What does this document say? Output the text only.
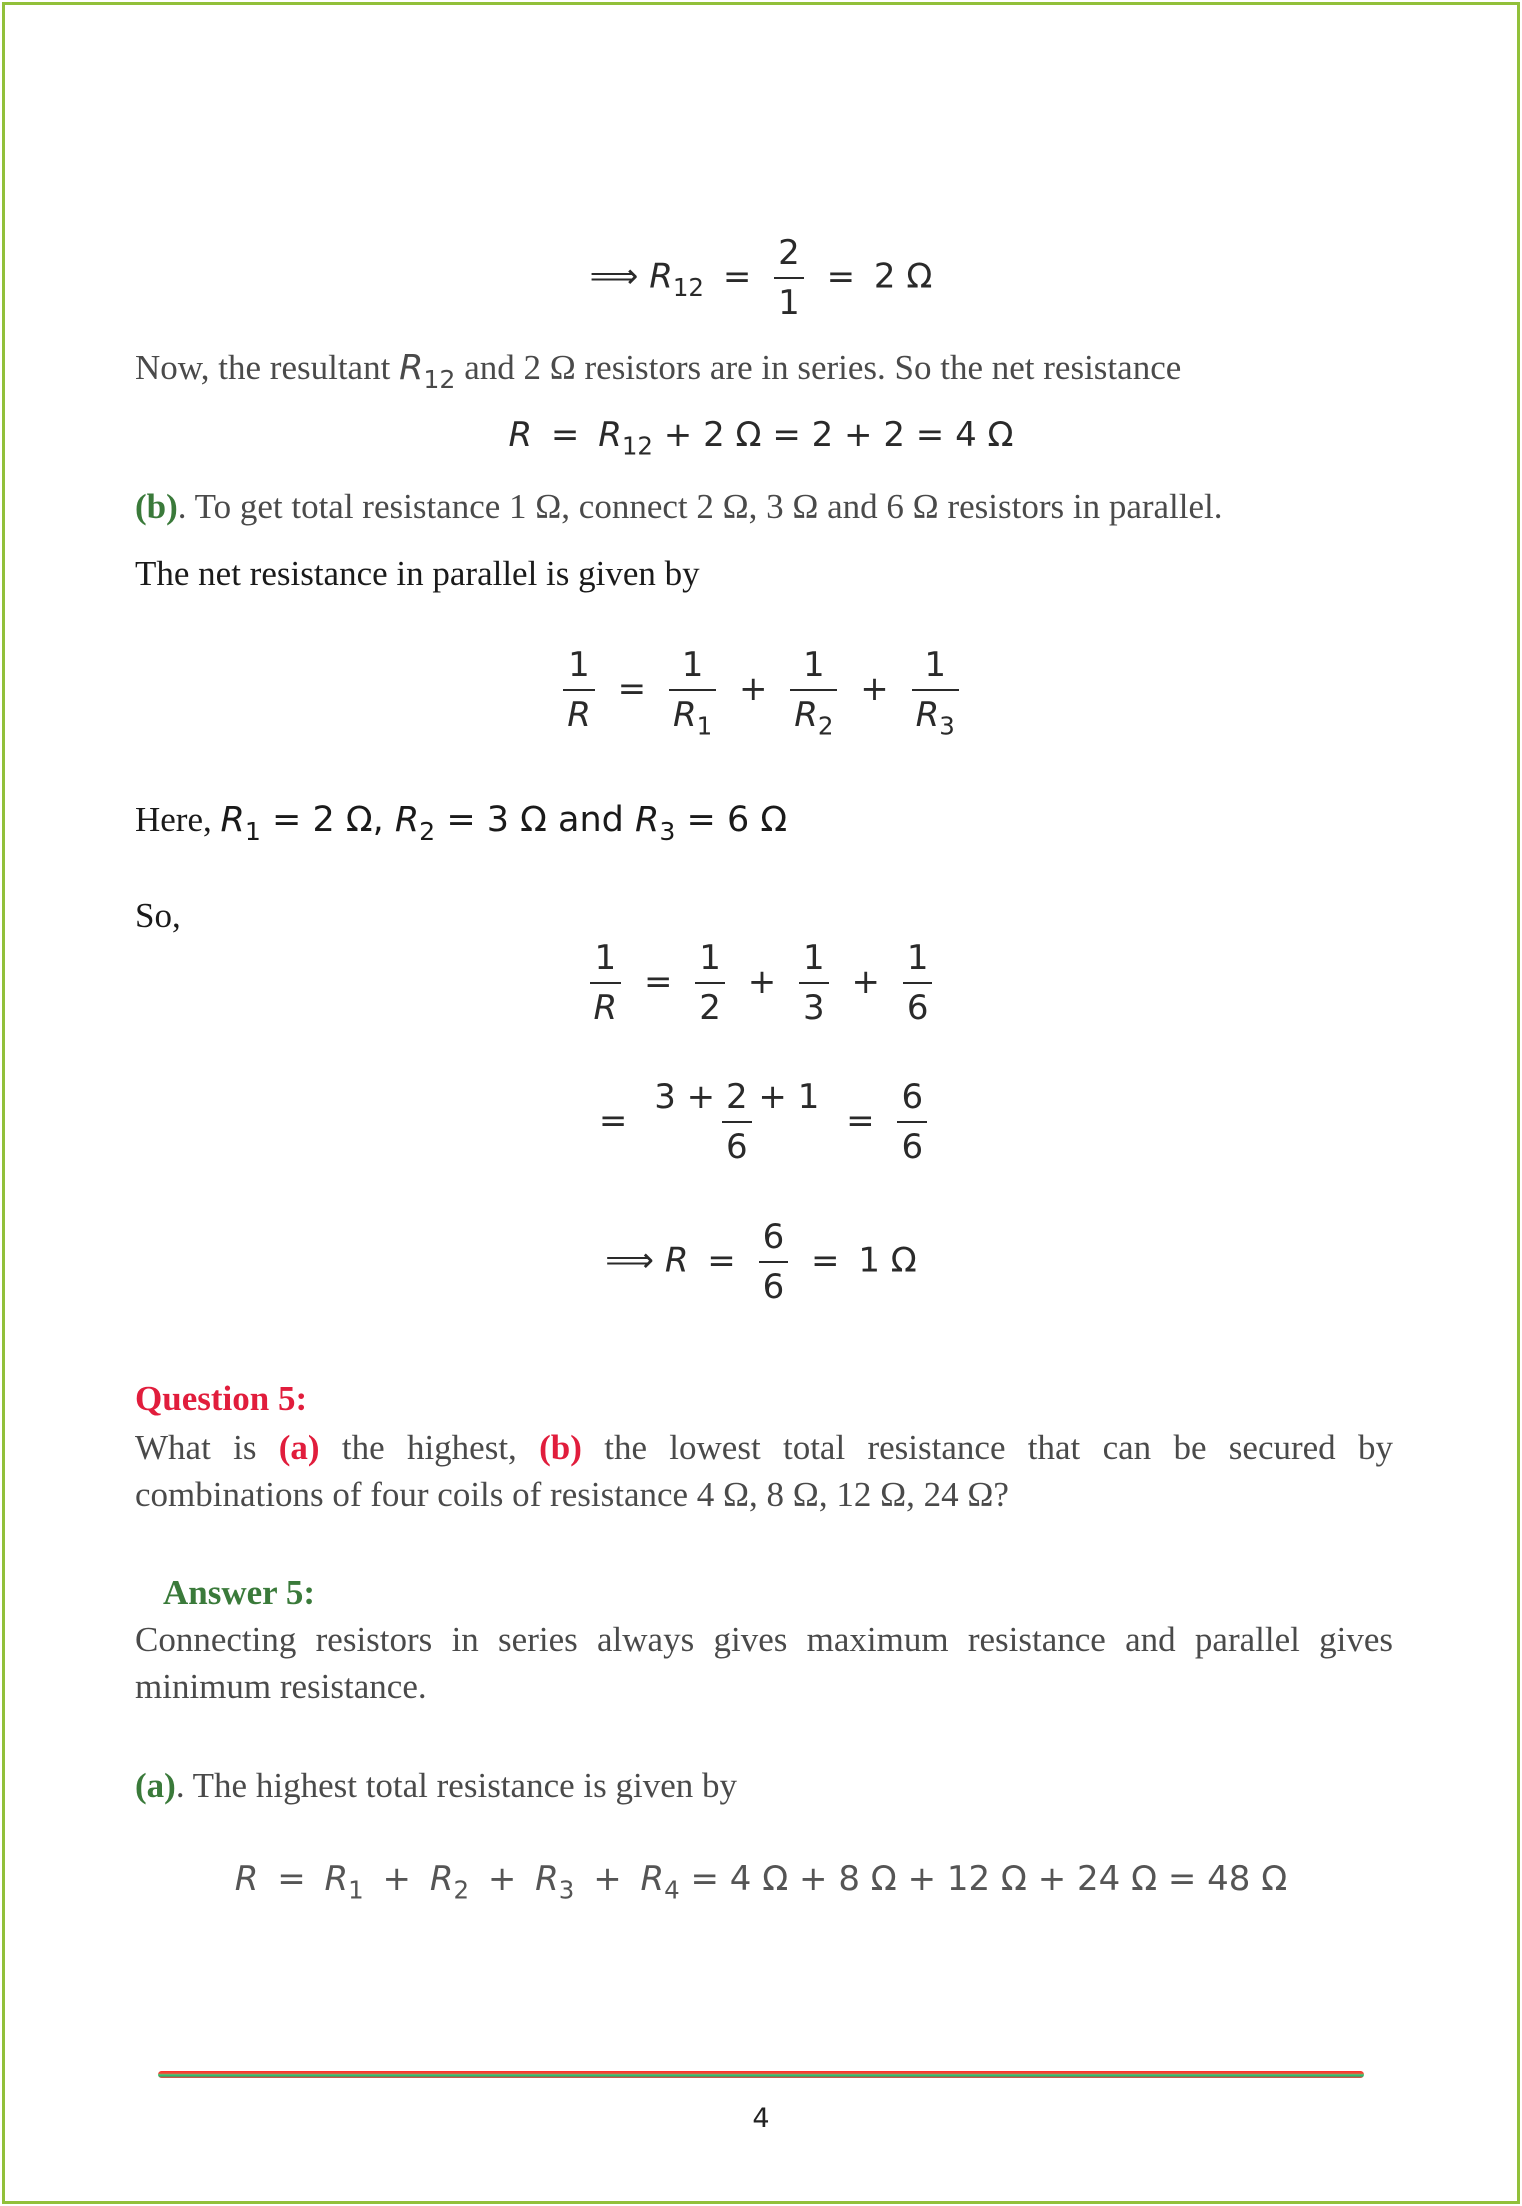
⟹ $R_{12} = \frac{2}{1} = 2$ Ω
Now, the resultant $R_{12}$ and 2 Ω resistors are in series. So the net resistance
$R = R_{12} + 2$ Ω = 2 + 2 = 4 Ω
(b). To get total resistance 1 Ω, connect 2 Ω, 3 Ω and 6 Ω resistors in parallel.
The net resistance in parallel is given by
$\frac{1}{R} = \frac{1}{R_1} + \frac{1}{R_2} + \frac{1}{R_3}$
Here, $R_1 = 2$ Ω, $R_2 = 3$ Ω and $R_3 = 6$ Ω
So,
$\frac{1}{R} = \frac{1}{2} + \frac{1}{3} + \frac{1}{6}$
= $\frac{3 + 2 + 1}{6} = \frac{6}{6}$
⟹ $R = \frac{6}{6} = 1$ Ω
Question 5:
What is (a) the highest, (b) the lowest total resistance that can be secured by combinations of four coils of resistance 4 Ω, 8 Ω, 12 Ω, 24 Ω?
Answer 5:
Connecting resistors in series always gives maximum resistance and parallel gives minimum resistance.
(a). The highest total resistance is given by
$R = R_1 + R_2 + R_3 + R_4 = 4$ Ω + 8 Ω + 12 Ω + 24 Ω = 48 Ω
4
